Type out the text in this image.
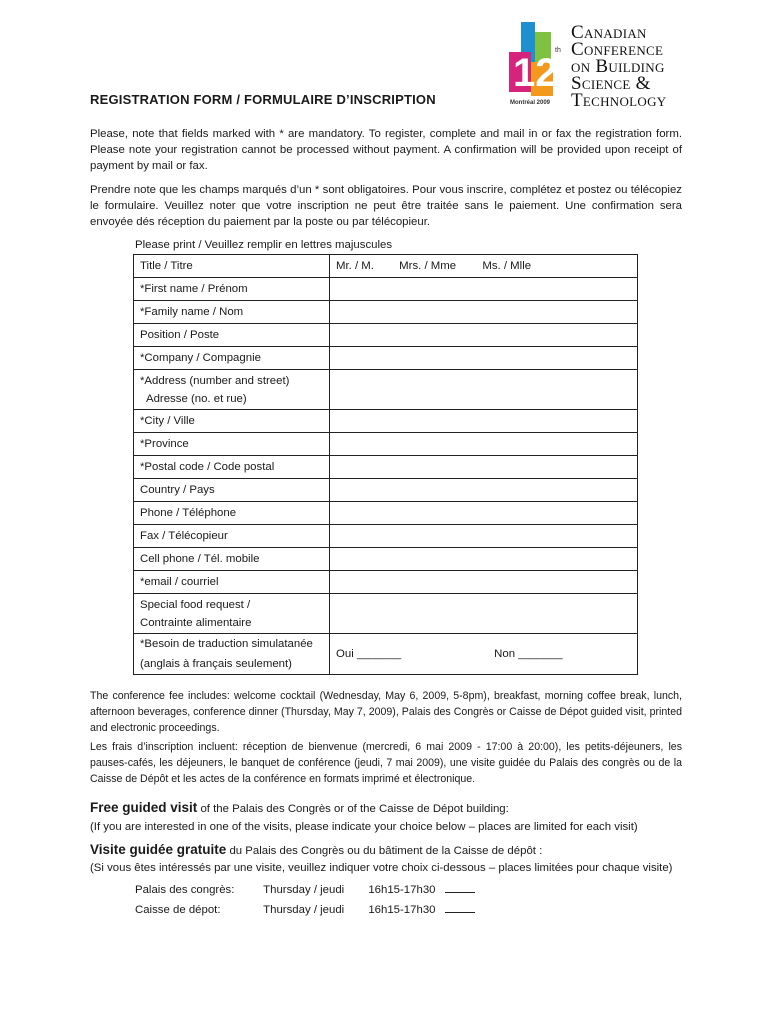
12
th
Montréal 2009
Canadian
Conference
on Building
Science &
Technology
REGISTRATION FORM / FORMULAIRE D’INSCRIPTION
Please, note that fields marked with * are mandatory. To register, complete and mail in or fax the registration form. Please note your registration cannot be processed without payment. A confirmation will be provided upon receipt of payment by mail or fax.
Prendre note que les champs marqués d’un * sont obligatoires. Pour vous inscrire, complétez et postez ou télécopiez le formulaire. Veuillez noter que votre inscription ne peut être traitée sans le paiement. Une confirmation sera envoyée dés réception du paiement par la poste ou par télécopieur.
Please print / Veuillez remplir en lettres majuscules
Title / Titre	Mr. / M. Mrs. / Mme Ms. / Mlle
*First name / Prénom	
*Family name / Nom	
Position / Poste	
*Company / Compagnie	

*Address (number and street)
Adresse (no. et rue)	

*City / Ville	
*Province	
*Postal code / Code postal	
Country / Pays	
Phone / Téléphone	
Fax / Télécopieur	
Cell phone / Tél. mobile	
*email / courriel	

Special food request /
Contrainte alimentaire	

*Besoin de traduction simulatanée
(anglais à français seulement)	Oui _______ Non _______
The conference fee includes: welcome cocktail (Wednesday, May 6, 2009, 5-8pm), breakfast, morning coffee break, lunch, afternoon beverages, conference dinner (Thursday, May 7, 2009), Palais des Congrès or Caisse de Dépot guided visit, printed and electronic proceedings.
Les frais d’inscription incluent: réception de bienvenue (mercredi, 6 mai 2009 - 17:00 à 20:00), les petits-déjeuners, les pauses-cafés, les déjeuners, le banquet de conférence (jeudi, 7 mai 2009), une visite guidée du Palais des congrès ou de la Caisse de Dépôt et les actes de la conférence en formats imprimé et électronique.
Free guided visit of the Palais des Congrès or of the Caisse de Dépot building:
(If you are interested in one of the visits, please indicate your choice below – places are limited for each visit)
Visite guidée gratuite du Palais des Congrès ou du bâtiment de la Caisse de dépôt :
(Si vous êtes intéressés par une visite, veuillez indiquer votre choix ci-dessous – places limitées pour chaque visite)
Palais des congrès:	Thursday / jeudi 16h15-17h30
Caisse de dépot:	Thursday / jeudi 16h15-17h30
